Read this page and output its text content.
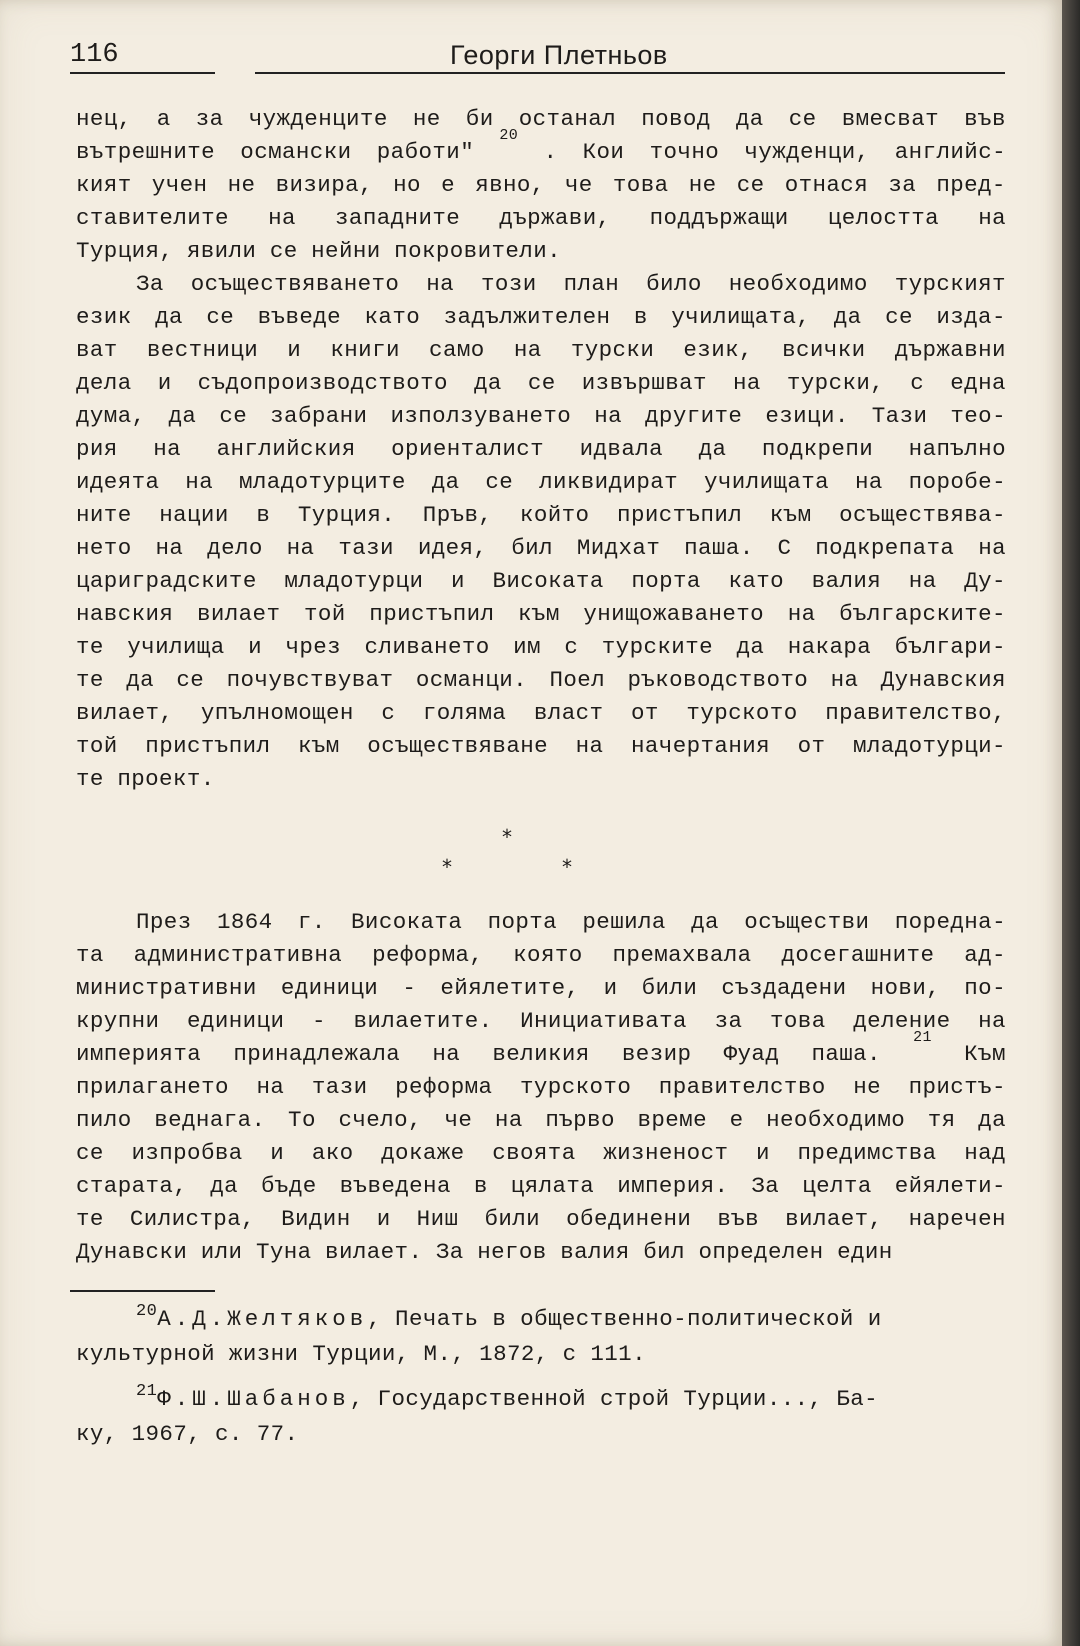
116	Георги Плетньов
нец, а за чужденците не би останал повод да се вмесват във
вътрешните османски работи"
20
. Кои точно чужденци, английс-
кият учен не визира, но е явно, че това не се отнася за пред-
ставителите на западните държави, поддържащи целостта на
Турция, явили се нейни покровители.
За осъществяването на този план било необходимо турският
език да се въведе като задължителен в училищата, да се изда-
ват вестници и книги само на турски език, всички държавни
дела и съдопроизводството да се извършват на турски, с една
дума, да се забрани използуването на другите езици. Тази тео-
рия на английския ориенталист идвала да подкрепи напълно
идеята на младотурците да се ликвидират училищата на поробе-
ните нации в Турция. Пръв, който пристъпил към осъществява-
нето на дело на тази идея, бил Мидхат паша. С подкрепата на
цариградските младотурци и Високата порта като валия на Ду-
навския вилает той пристъпил към унищожаването на българските-
те училища и чрез сливането им с турските да накара българи-
те да се почувствуват османци. Поел ръководството на Дунавския
вилает, упълномощен с голяма власт от турското правителство,
той пристъпил към осъществяване на начертания от младотурци-
те проект.
*
*	*
През 1864 г. Високата порта решила да осъществи поредна-
та административна реформа, която премахвала досегашните ад-
министративни единици - ейялетите, и били създадени нови, по-
крупни единици - вилаетите. Инициативата за това деление на
империята принадлежала на великия везир Фуад паша.
21
Към
прилагането на тази реформа турското правителство не пристъ-
пило веднага. То счело, че на първо време е необходимо тя да
се изпробва и ако докаже своята жизненост и предимства над
старата, да бъде въведена в цялата империя. За целта ейялети-
те Силистра, Видин и Ниш били обединени във вилает, наречен
Дунавски или Туна вилает. За негов валия бил определен един
$^{20}$А.Д.Желтяков, Печать в общественно-политической и
культурной жизни Турции, М., 1872, с 111.
$^{21}$Ф.Ш.Шабанов, Государственной строй Турции..., Ба-
ку, 1967, с. 77.
